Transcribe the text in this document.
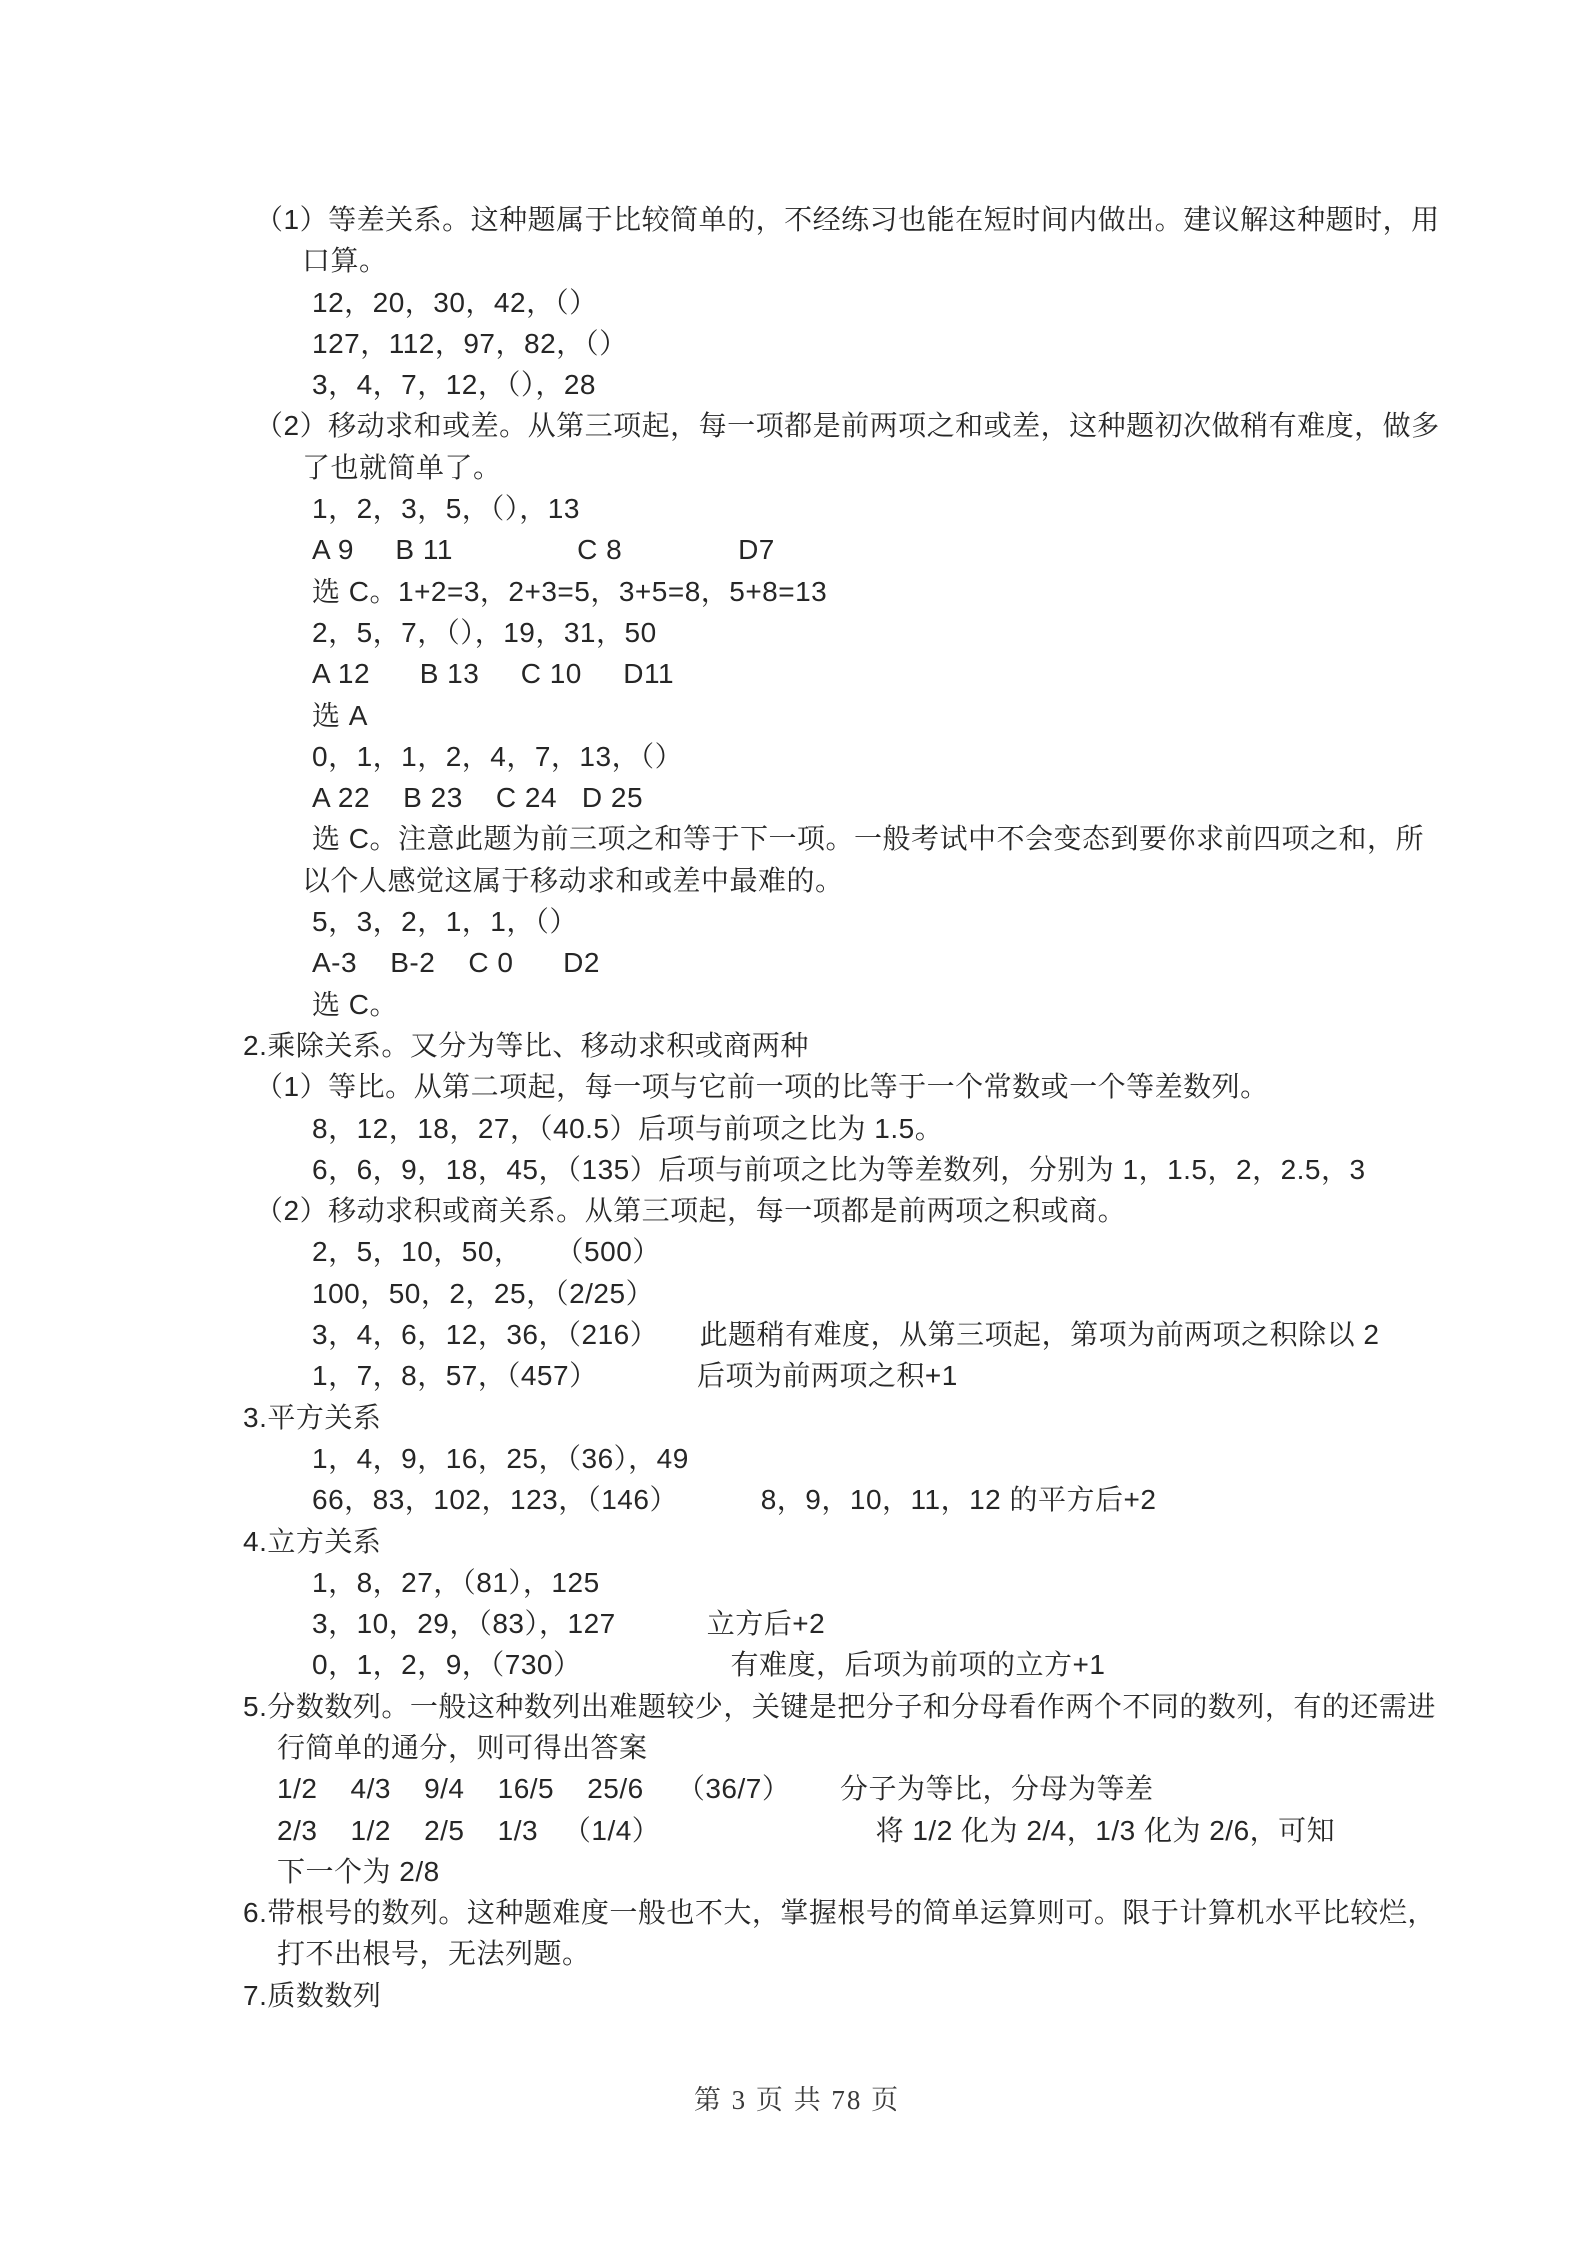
（1）等差关系。这种题属于比较简单的，不经练习也能在短时间内做出。建议解这种题时，用
口算。
12，20，30，42，（）
127，112，97，82，（）
3，4，7，12，（），28
（2）移动求和或差。从第三项起，每一项都是前两项之和或差，这种题初次做稍有难度，做多
了也就简单了。
1，2，3，5，（），13
A 9     B 11               C 8              D7
选 C。1+2=3，2+3=5，3+5=8，5+8=13
2，5，7，（），19，31，50
A 12      B 13     C 10     D11
选 A
0，1，1，2，4，7，13，（）
A 22    B 23    C 24   D 25
选 C。注意此题为前三项之和等于下一项。一般考试中不会变态到要你求前四项之和，所
以个人感觉这属于移动求和或差中最难的。
5，3，2，1，1，（）
A-3    B-2    C 0      D2
选 C。
2.乘除关系。又分为等比、移动求积或商两种
（1）等比。从第二项起，每一项与它前一项的比等于一个常数或一个等差数列。
8，12，18，27，（40.5）后项与前项之比为 1.5。
6，6，9，18，45，（135）后项与前项之比为等差数列，分别为 1，1.5，2，2.5，3
（2）移动求积或商关系。从第三项起，每一项都是前两项之积或商。
2，5，10，50，    （500）
100，50，2，25，（2/25）
3，4，6，12，36，（216）     此题稍有难度，从第三项起，第项为前两项之积除以 2
1，7，8，57，（457）            后项为前两项之积+1
3.平方关系
1，4，9，16，25，（36），49
66，83，102，123，（146）          8，9，10，11，12 的平方后+2
4.立方关系
1，8，27，（81），125
3，10，29，（83），127           立方后+2
0，1，2，9，（730）                  有难度，后项为前项的立方+1
5.分数数列。一般这种数列出难题较少，关键是把分子和分母看作两个不同的数列，有的还需进
行简单的通分，则可得出答案
1/2    4/3    9/4    16/5    25/6    （36/7）      分子为等比，分母为等差
2/3    1/2    2/5    1/3   （1/4）                          将 1/2 化为 2/4，1/3 化为 2/6，可知
下一个为 2/8
6.带根号的数列。这种题难度一般也不大，掌握根号的简单运算则可。限于计算机水平比较烂，
打不出根号，无法列题。
7.质数数列
第 3 页 共 78 页
